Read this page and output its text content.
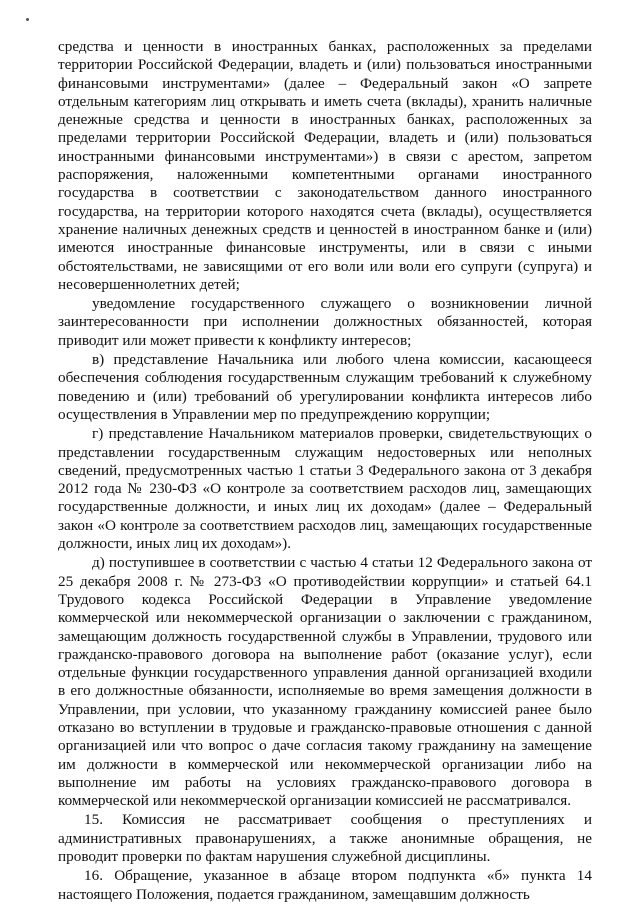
средства и ценности в иностранных банках, расположенных за пределами территории Российской Федерации, владеть и (или) пользоваться иностранными финансовыми инструментами» (далее – Федеральный закон «О запрете отдельным категориям лиц открывать и иметь счета (вклады), хранить наличные денежные средства и ценности в иностранных банках, расположенных за пределами территории Российской Федерации, владеть и (или) пользоваться иностранными финансовыми инструментами») в связи с арестом, запретом распоряжения, наложенными компетентными органами иностранного государства в соответствии с законодательством данного иностранного государства, на территории которого находятся счета (вклады), осуществляется хранение наличных денежных средств и ценностей в иностранном банке и (или) имеются иностранные финансовые инструменты, или в связи с иными обстоятельствами, не зависящими от его воли или воли его супруги (супруга) и несовершеннолетних детей;

уведомление государственного служащего о возникновении личной заинтересованности при исполнении должностных обязанностей, которая приводит или может привести к конфликту интересов;

в) представление Начальника или любого члена комиссии, касающееся обеспечения соблюдения государственным служащим требований к служебному поведению и (или) требований об урегулировании конфликта интересов либо осуществления в Управлении мер по предупреждению коррупции;

г) представление Начальником материалов проверки, свидетельствующих о представлении государственным служащим недостоверных или неполных сведений, предусмотренных частью 1 статьи 3 Федерального закона от 3 декабря 2012 года № 230-ФЗ «О контроле за соответствием расходов лиц, замещающих государственные должности, и иных лиц их доходам» (далее – Федеральный закон «О контроле за соответствием расходов лиц, замещающих государственные должности, иных лиц их доходам»).

д) поступившее в соответствии с частью 4 статьи 12 Федерального закона от 25 декабря 2008 г. № 273-ФЗ «О противодействии коррупции» и статьей 64.1 Трудового кодекса Российской Федерации в Управление уведомление коммерческой или некоммерческой организации о заключении с гражданином, замещающим должность государственной службы в Управлении, трудового или гражданско-правового договора на выполнение работ (оказание услуг), если отдельные функции государственного управления данной организацией входили в его должностные обязанности, исполняемые во время замещения должности в Управлении, при условии, что указанному гражданину комиссией ранее было отказано во вступлении в трудовые и гражданско-правовые отношения с данной организацией или что вопрос о даче согласия такому гражданину на замещение им должности в коммерческой или некоммерческой организации либо на выполнение им работы на условиях гражданско-правового договора в коммерческой или некоммерческой организации комиссией не рассматривался.

15. Комиссия не рассматривает сообщения о преступлениях и административных правонарушениях, а также анонимные обращения, не проводит проверки по фактам нарушения служебной дисциплины.

16. Обращение, указанное в абзаце втором подпункта «б» пункта 14 настоящего Положения, подается гражданином, замещавшим должность
